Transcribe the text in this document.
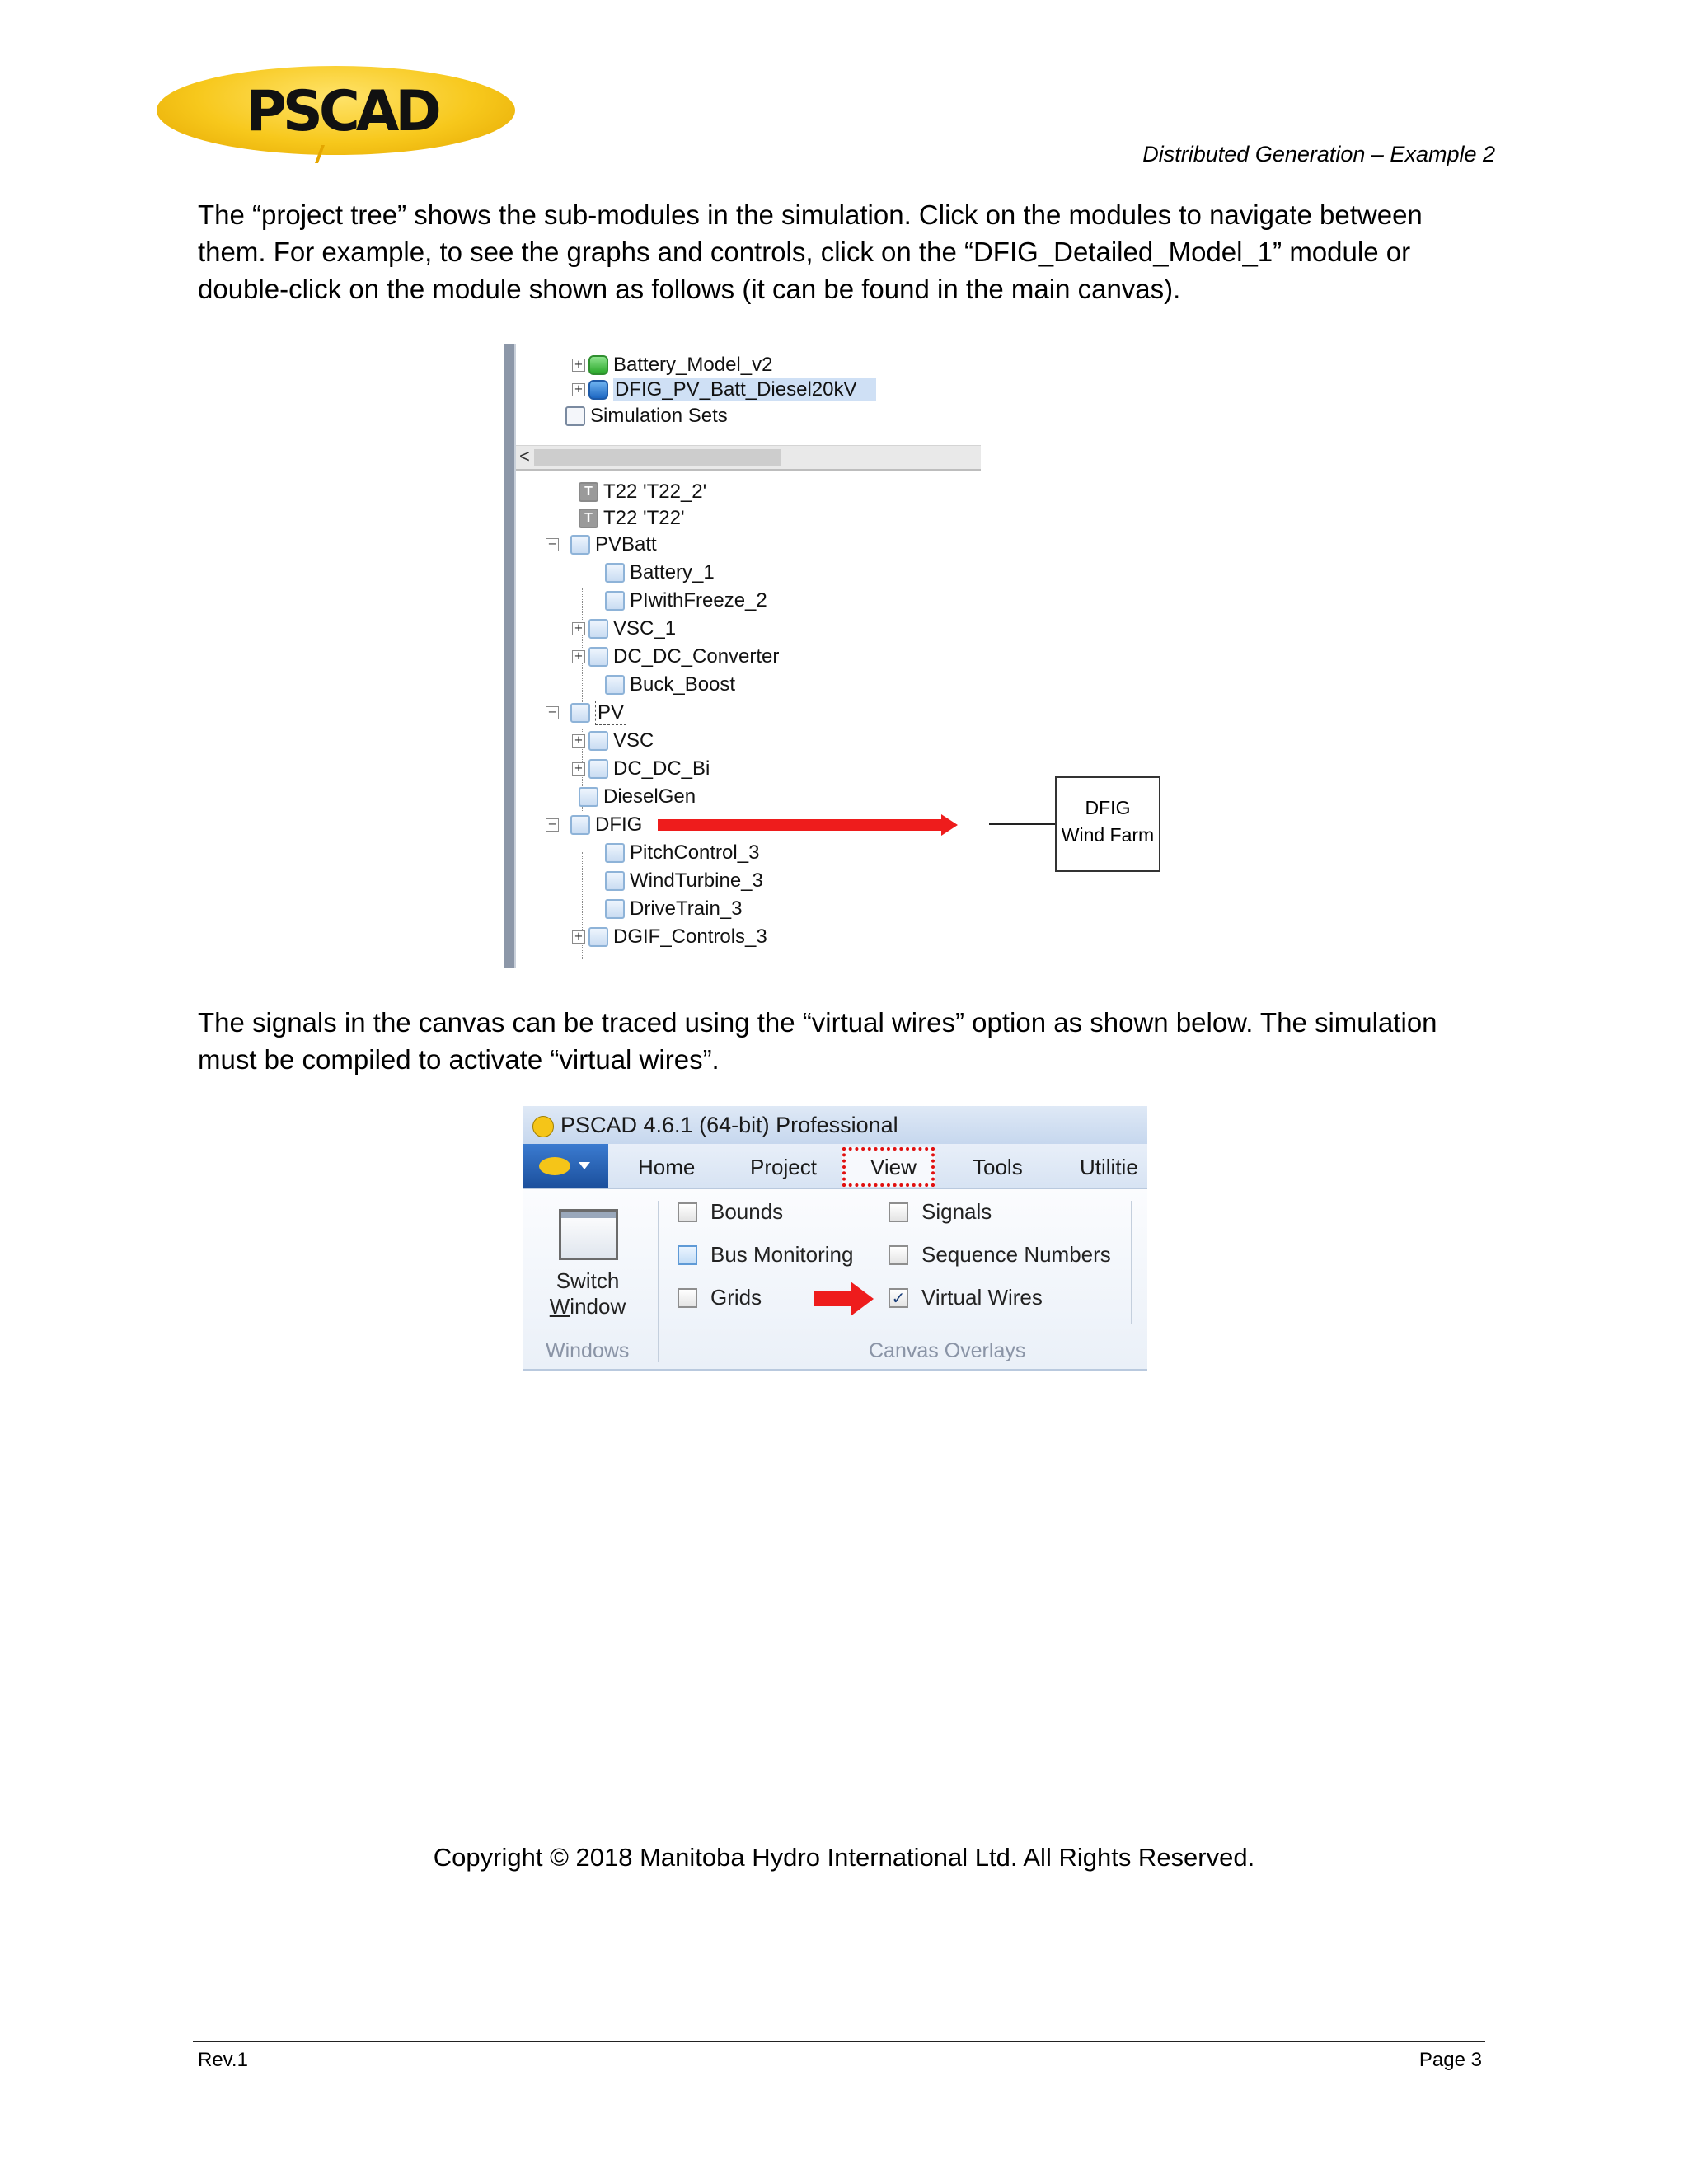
PSCAD
Distributed Generation – Example 2

The “project tree” shows the sub-modules in the simulation. Click on the modules to navigate between

them. For example, to see the graphs and controls, click on the “DFIG_Detailed_Model_1” module or

double-click on the module shown as follows (it can be found in the main canvas).

+ Battery_Model_v2
+ DFIG_PV_Batt_Diesel20kV
Simulation Sets
<
T T22 'T22_2'
T T22 'T22'
− PVBatt
Battery_1
PIwithFreeze_2
+ VSC_1
+ DC_DC_Converter
Buck_Boost
− PV
+ VSC
+ DC_DC_Bi
DieselGen
− DFIG
PitchControl_3
WindTurbine_3
DriveTrain_3
+ DGIF_Controls_3
DFIG
Wind Farm

The signals in the canvas can be traced using the “virtual wires” option as shown below. The simulation

must be compiled to activate “virtual wires”.

PSCAD 4.6.1 (64-bit) Professional
Home	Project	View	Tools	Utilitie
Switch
Window
Windows
Bounds
Bus Monitoring
Grids
Signals
Sequence Numbers
✓ Virtual Wires
Canvas Overlays
Copyright © 2018 Manitoba Hydro International Ltd. All Rights Reserved.
Rev.1	Page 3
